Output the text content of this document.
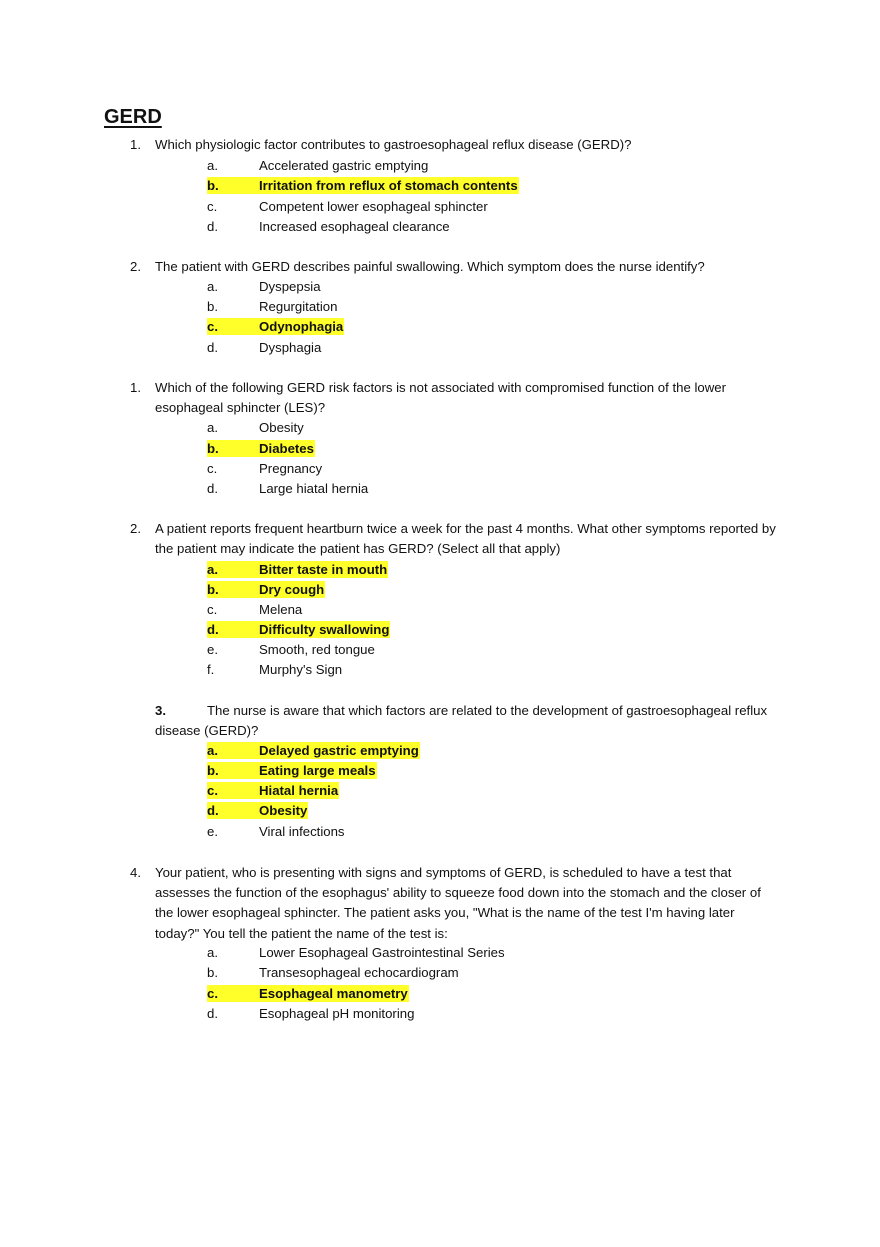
GERD
1. Which physiologic factor contributes to gastroesophageal reflux disease (GERD)?
a.	Accelerated gastric emptying
b.	Irritation from reflux of stomach contents
c.	Competent lower esophageal sphincter
d.	Increased esophageal clearance
2. The patient with GERD describes painful swallowing. Which symptom does the nurse identify?
a.	Dyspepsia
b.	Regurgitation
c.	Odynophagia
d.	Dysphagia
1. Which of the following GERD risk factors is not associated with compromised function of the lower esophageal sphincter (LES)?
a.	Obesity
b.	Diabetes
c.	Pregnancy
d.	Large hiatal hernia
2. A patient reports frequent heartburn twice a week for the past 4 months. What other symptoms reported by the patient may indicate the patient has GERD? (Select all that apply)
a.	Bitter taste in mouth
b.	Dry cough
c.	Melena
d.	Difficulty swallowing
e.	Smooth, red tongue
f.	Murphy's Sign
3.	The nurse is aware that which factors are related to the development of gastroesophageal reflux disease (GERD)?
a.	Delayed gastric emptying
b.	Eating large meals
c.	Hiatal hernia
d.	Obesity
e.	Viral infections
4. Your patient, who is presenting with signs and symptoms of GERD, is scheduled to have a test that assesses the function of the esophagus' ability to squeeze food down into the stomach and the closer of the lower esophageal sphincter. The patient asks you, "What is the name of the test I'm having later today?" You tell the patient the name of the test is:
a.	Lower Esophageal Gastrointestinal Series
b.	Transesophageal echocardiogram
c.	Esophageal manometry
d.	Esophageal pH monitoring
